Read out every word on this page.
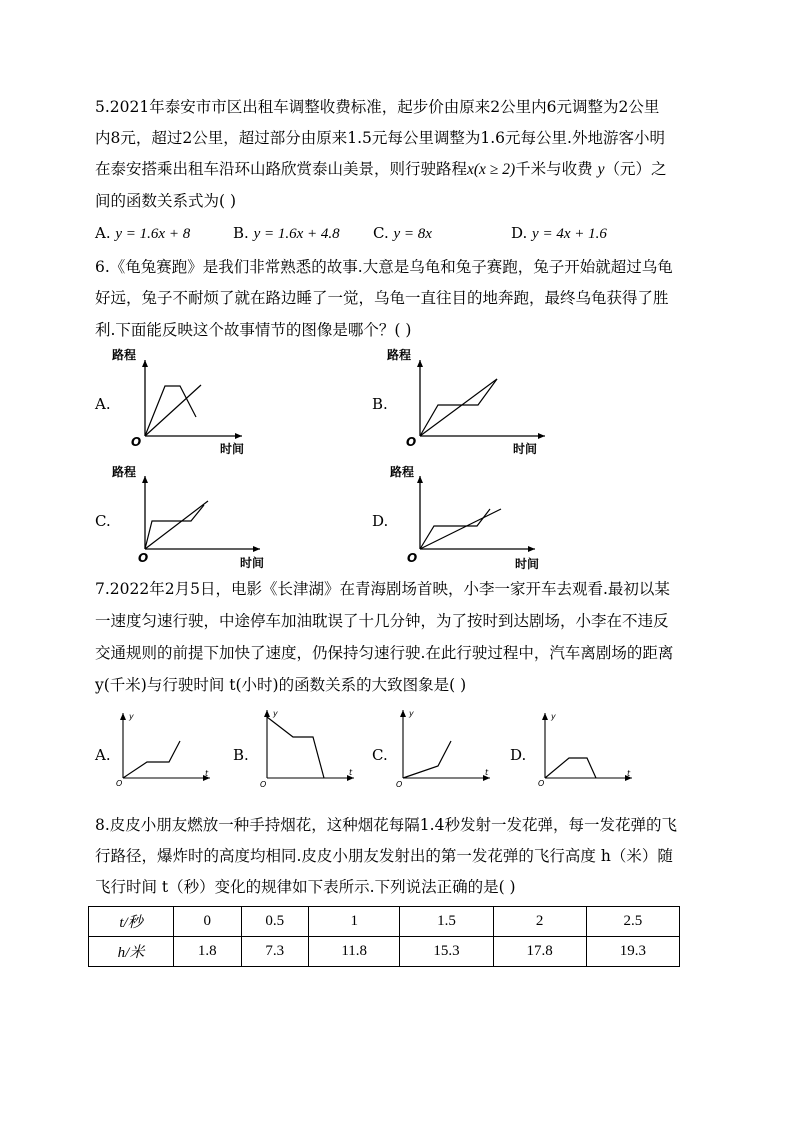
5.2021年泰安市市区出租车调整收费标准，起步价由原来2公里内6元调整为2公里
内8元，超过2公里，超过部分由原来1.5元每公里调整为1.6元每公里.外地游客小明
在泰安搭乘出租车沿环山路欣赏泰山美景，则行驶路程x(x ≥ 2)千米与收费 y（元）之
间的函数关系式为( )
A. y = 1.6x + 8	B. y = 1.6x + 4.8 C. y = 8x	D. y = 4x + 1.6
6.《龟兔赛跑》是我们非常熟悉的故事.大意是乌龟和兔子赛跑，兔子开始就超过乌龟
好远，兔子不耐烦了就在路边睡了一觉，乌龟一直往目的地奔跑，最终乌龟获得了胜
利.下面能反映这个故事情节的图像是哪个？( )
A.
路程
时间
O
B.
路程
时间
O
C.
路程
时间
O
D.
路程
时间
O
7.2022年2月5日，电影《长津湖》在青海剧场首映，小李一家开车去观看.最初以某
一速度匀速行驶，中途停车加油耽误了十几分钟，为了按时到达剧场，小李在不违反
交通规则的前提下加快了速度，仍保持匀速行驶.在此行驶过程中，汽车离剧场的距离
y(千米)与行驶时间 t(小时)的函数关系的大致图象是( )
A.
y
t
O
B.
y
t
O
C.
y
t
O
D.
y
t
O
8.皮皮小朋友燃放一种手持烟花，这种烟花每隔1.4秒发射一发花弹，每一发花弹的飞
行路径，爆炸时的高度均相同.皮皮小朋友发射出的第一发花弹的飞行高度 h（米）随
飞行时间 t（秒）变化的规律如下表所示.下列说法正确的是( )
t/秒	0	0.5	1	1.5	2	2.5
h/米	1.8	7.3	11.8	15.3	17.8	19.3
